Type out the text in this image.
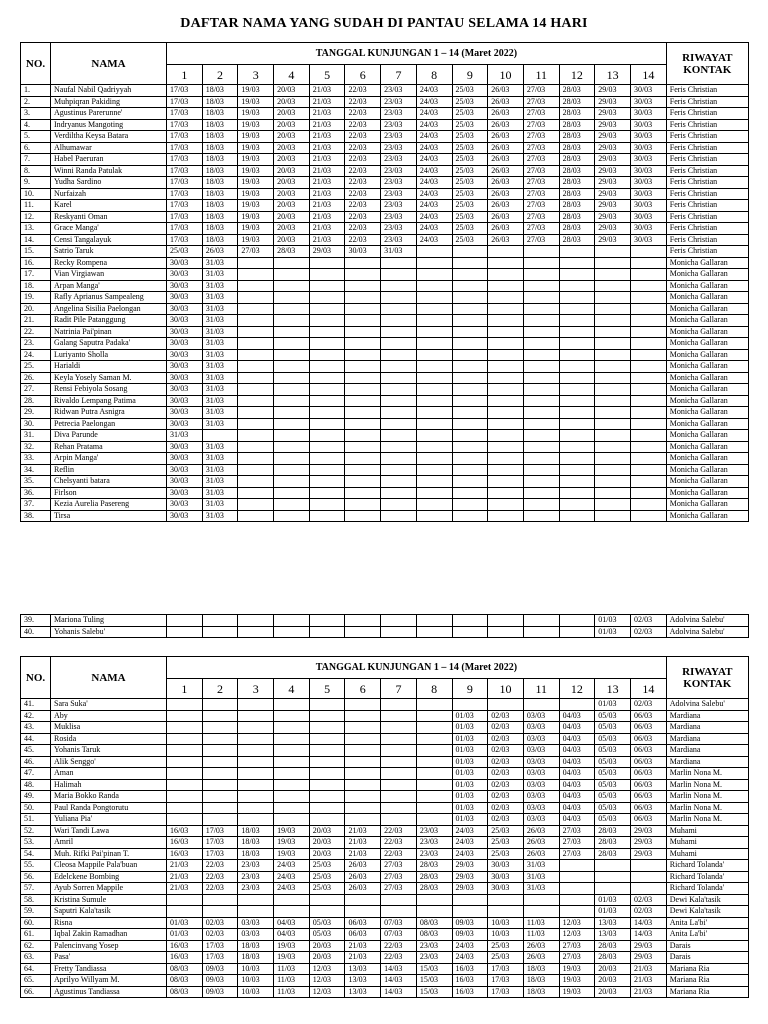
DAFTAR NAMA YANG SUDAH DI PANTAU SELAMA 14 HARI
NO.	NAMA	TANGGAL KUNJUNGAN 1 – 14 (Maret 2022)														RIWAYAT KONTAK
		1	2	3	4	5	6	7	8	9	10	11	12	13	14	
1.	Naufal Nabil Qadriyyah	17/03	18/03	19/03	20/03	21/03	22/03	23/03	24/03	25/03	26/03	27/03	28/03	29/03	30/03	Feris Christian
2.	Muhpiqran Pakiding	17/03	18/03	19/03	20/03	21/03	22/03	23/03	24/03	25/03	26/03	27/03	28/03	29/03	30/03	Feris Christian
3.	Agustinus Parerunne'	17/03	18/03	19/03	20/03	21/03	22/03	23/03	24/03	25/03	26/03	27/03	28/03	29/03	30/03	Feris Christian
4.	Indryanus Mangoting	17/03	18/03	19/03	20/03	21/03	22/03	23/03	24/03	25/03	26/03	27/03	28/03	29/03	30/03	Feris Christian
5.	Verdiltha Keysa Batara	17/03	18/03	19/03	20/03	21/03	22/03	23/03	24/03	25/03	26/03	27/03	28/03	29/03	30/03	Feris Christian
6.	Alhumawar	17/03	18/03	19/03	20/03	21/03	22/03	23/03	24/03	25/03	26/03	27/03	28/03	29/03	30/03	Feris Christian
7.	Habel Paeruran	17/03	18/03	19/03	20/03	21/03	22/03	23/03	24/03	25/03	26/03	27/03	28/03	29/03	30/03	Feris Christian
8.	Winni Randa Patulak	17/03	18/03	19/03	20/03	21/03	22/03	23/03	24/03	25/03	26/03	27/03	28/03	29/03	30/03	Feris Christian
9.	Yudha Sardino	17/03	18/03	19/03	20/03	21/03	22/03	23/03	24/03	25/03	26/03	27/03	28/03	29/03	30/03	Feris Christian
10.	Nurfaizah	17/03	18/03	19/03	20/03	21/03	22/03	23/03	24/03	25/03	26/03	27/03	28/03	29/03	30/03	Feris Christian
11.	Karel	17/03	18/03	19/03	20/03	21/03	22/03	23/03	24/03	25/03	26/03	27/03	28/03	29/03	30/03	Feris Christian
12.	Reskyanti Oman	17/03	18/03	19/03	20/03	21/03	22/03	23/03	24/03	25/03	26/03	27/03	28/03	29/03	30/03	Feris Christian
13.	Grace Manga'	17/03	18/03	19/03	20/03	21/03	22/03	23/03	24/03	25/03	26/03	27/03	28/03	29/03	30/03	Feris Christian
14.	Censi Tangalayuk	17/03	18/03	19/03	20/03	21/03	22/03	23/03	24/03	25/03	26/03	27/03	28/03	29/03	30/03	Feris Christian
15.	Satrio Taruk	25/03	26/03	27/03	28/03	29/03	30/03	31/03								Feris Christian
16.	Recky Rompena	30/03	31/03													Monicha Gallaran
17.	Vian Virgiawan	30/03	31/03													Monicha Gallaran
18.	Arpan Manga'	30/03	31/03													Monicha Gallaran
19.	Rafly Aprianus Sampealeng	30/03	31/03													Monicha Gallaran
20.	Angelina Sisilia Paelongan	30/03	31/03													Monicha Gallaran
21.	Radit Pile Patanggung	30/03	31/03													Monicha Gallaran
22.	Natrinia Pai'pinan	30/03	31/03													Monicha Gallaran
23.	Galang Saputra Padaka'	30/03	31/03													Monicha Gallaran
24.	Luriyanto Sholla	30/03	31/03													Monicha Gallaran
25.	Harialdi	30/03	31/03													Monicha Gallaran
26.	Keyla Yosely Saman M.	30/03	31/03													Monicha Gallaran
27.	Rensi Febiyola Sosang	30/03	31/03													Monicha Gallaran
28.	Rivaldo Lempang Patima	30/03	31/03													Monicha Gallaran
29.	Ridwan Putra Asnigra	30/03	31/03													Monicha Gallaran
30.	Petrecia Paelongan	30/03	31/03													Monicha Gallaran
31.	Diva Parunde	31/03														Monicha Gallaran
32.	Rehan Pratama	30/03	31/03													Monicha Gallaran
33.	Arpin Manga'	30/03	31/03													Monicha Gallaran
34.	Reflin	30/03	31/03													Monicha Gallaran
35.	Chelsyanti batara	30/03	31/03													Monicha Gallaran
36.	Firlson	30/03	31/03													Monicha Gallaran
37.	Kezia Aurelia Pasereng	30/03	31/03													Monicha Gallaran
38.	Tirsa	30/03	31/03													Monicha Gallaran
39.	Mariona Tuling													01/03	02/03	Adolvina Salebu'
40.	Yohanis Salebu'													01/03	02/03	Adolvina Salebu'
NO.	NAMA	TANGGAL KUNJUNGAN 1 – 14 (Maret 2022)														RIWAYAT KONTAK
		1	2	3	4	5	6	7	8	9	10	11	12	13	14	
41.	Sara Suka'													01/03	02/03	Adolvina Salebu'
42.	Aby									01/03	02/03	03/03	04/03	05/03	06/03	Mardiana
43.	Muklisa									01/03	02/03	03/03	04/03	05/03	06/03	Mardiana
44.	Rosida									01/03	02/03	03/03	04/03	05/03	06/03	Mardiana
45.	Yohanis Taruk									01/03	02/03	03/03	04/03	05/03	06/03	Mardiana
46.	Alik Senggo'									01/03	02/03	03/03	04/03	05/03	06/03	Mardiana
47.	Aman									01/03	02/03	03/03	04/03	05/03	06/03	Marlin Nona M.
48.	Halimah									01/03	02/03	03/03	04/03	05/03	06/03	Marlin Nona M.
49.	Maria Bokko Randa									01/03	02/03	03/03	04/03	05/03	06/03	Marlin Nona M.
50.	Paul Randa Pongtorutu									01/03	02/03	03/03	04/03	05/03	06/03	Marlin Nona M.
51.	Yuliana Pia'									01/03	02/03	03/03	04/03	05/03	06/03	Marlin Nona M.
52.	Wari Tandi Lawa	16/03	17/03	18/03	19/03	20/03	21/03	22/03	23/03	24/03	25/03	26/03	27/03	28/03	29/03	Muhami
53.	Amril	16/03	17/03	18/03	19/03	20/03	21/03	22/03	23/03	24/03	25/03	26/03	27/03	28/03	29/03	Muhami
54.	Muh. Rifki Pai'pinan T.	16/03	17/03	18/03	19/03	20/03	21/03	22/03	23/03	24/03	25/03	26/03	27/03	28/03	29/03	Muhami
55.	Cleosa Mappile Pala'buan	21/03	22/03	23/03	24/03	25/03	26/03	27/03	28/03	29/03	30/03	31/03				Richard Tolanda'
56.	Edelckene Bombing	21/03	22/03	23/03	24/03	25/03	26/03	27/03	28/03	29/03	30/03	31/03				Richard Tolanda'
57.	Ayub Sorren Mappile	21/03	22/03	23/03	24/03	25/03	26/03	27/03	28/03	29/03	30/03	31/03				Richard Tolanda'
58.	Kristina Sumule													01/03	02/03	Dewi Kala'tasik
59.	Saputri Kala'tasik													01/03	02/03	Dewi Kala'tasik
60.	Risna	01/03	02/03	03/03	04/03	05/03	06/03	07/03	08/03	09/03	10/03	11/03	12/03	13/03	14/03	Anita La'bi'
61.	Iqbal Zakin Ramadhan	01/03	02/03	03/03	04/03	05/03	06/03	07/03	08/03	09/03	10/03	11/03	12/03	13/03	14/03	Anita La'bi'
62.	Palencinvang Yosep	16/03	17/03	18/03	19/03	20/03	21/03	22/03	23/03	24/03	25/03	26/03	27/03	28/03	29/03	Darais
63.	Pasa'	16/03	17/03	18/03	19/03	20/03	21/03	22/03	23/03	24/03	25/03	26/03	27/03	28/03	29/03	Darais
64.	Fretty Tandiassa	08/03	09/03	10/03	11/03	12/03	13/03	14/03	15/03	16/03	17/03	18/03	19/03	20/03	21/03	Mariana Ria
65.	Aprilyo Willyam M.	08/03	09/03	10/03	11/03	12/03	13/03	14/03	15/03	16/03	17/03	18/03	19/03	20/03	21/03	Mariana Ria
66.	Agustinus Tandiassa	08/03	09/03	10/03	11/03	12/03	13/03	14/03	15/03	16/03	17/03	18/03	19/03	20/03	21/03	Mariana Ria
